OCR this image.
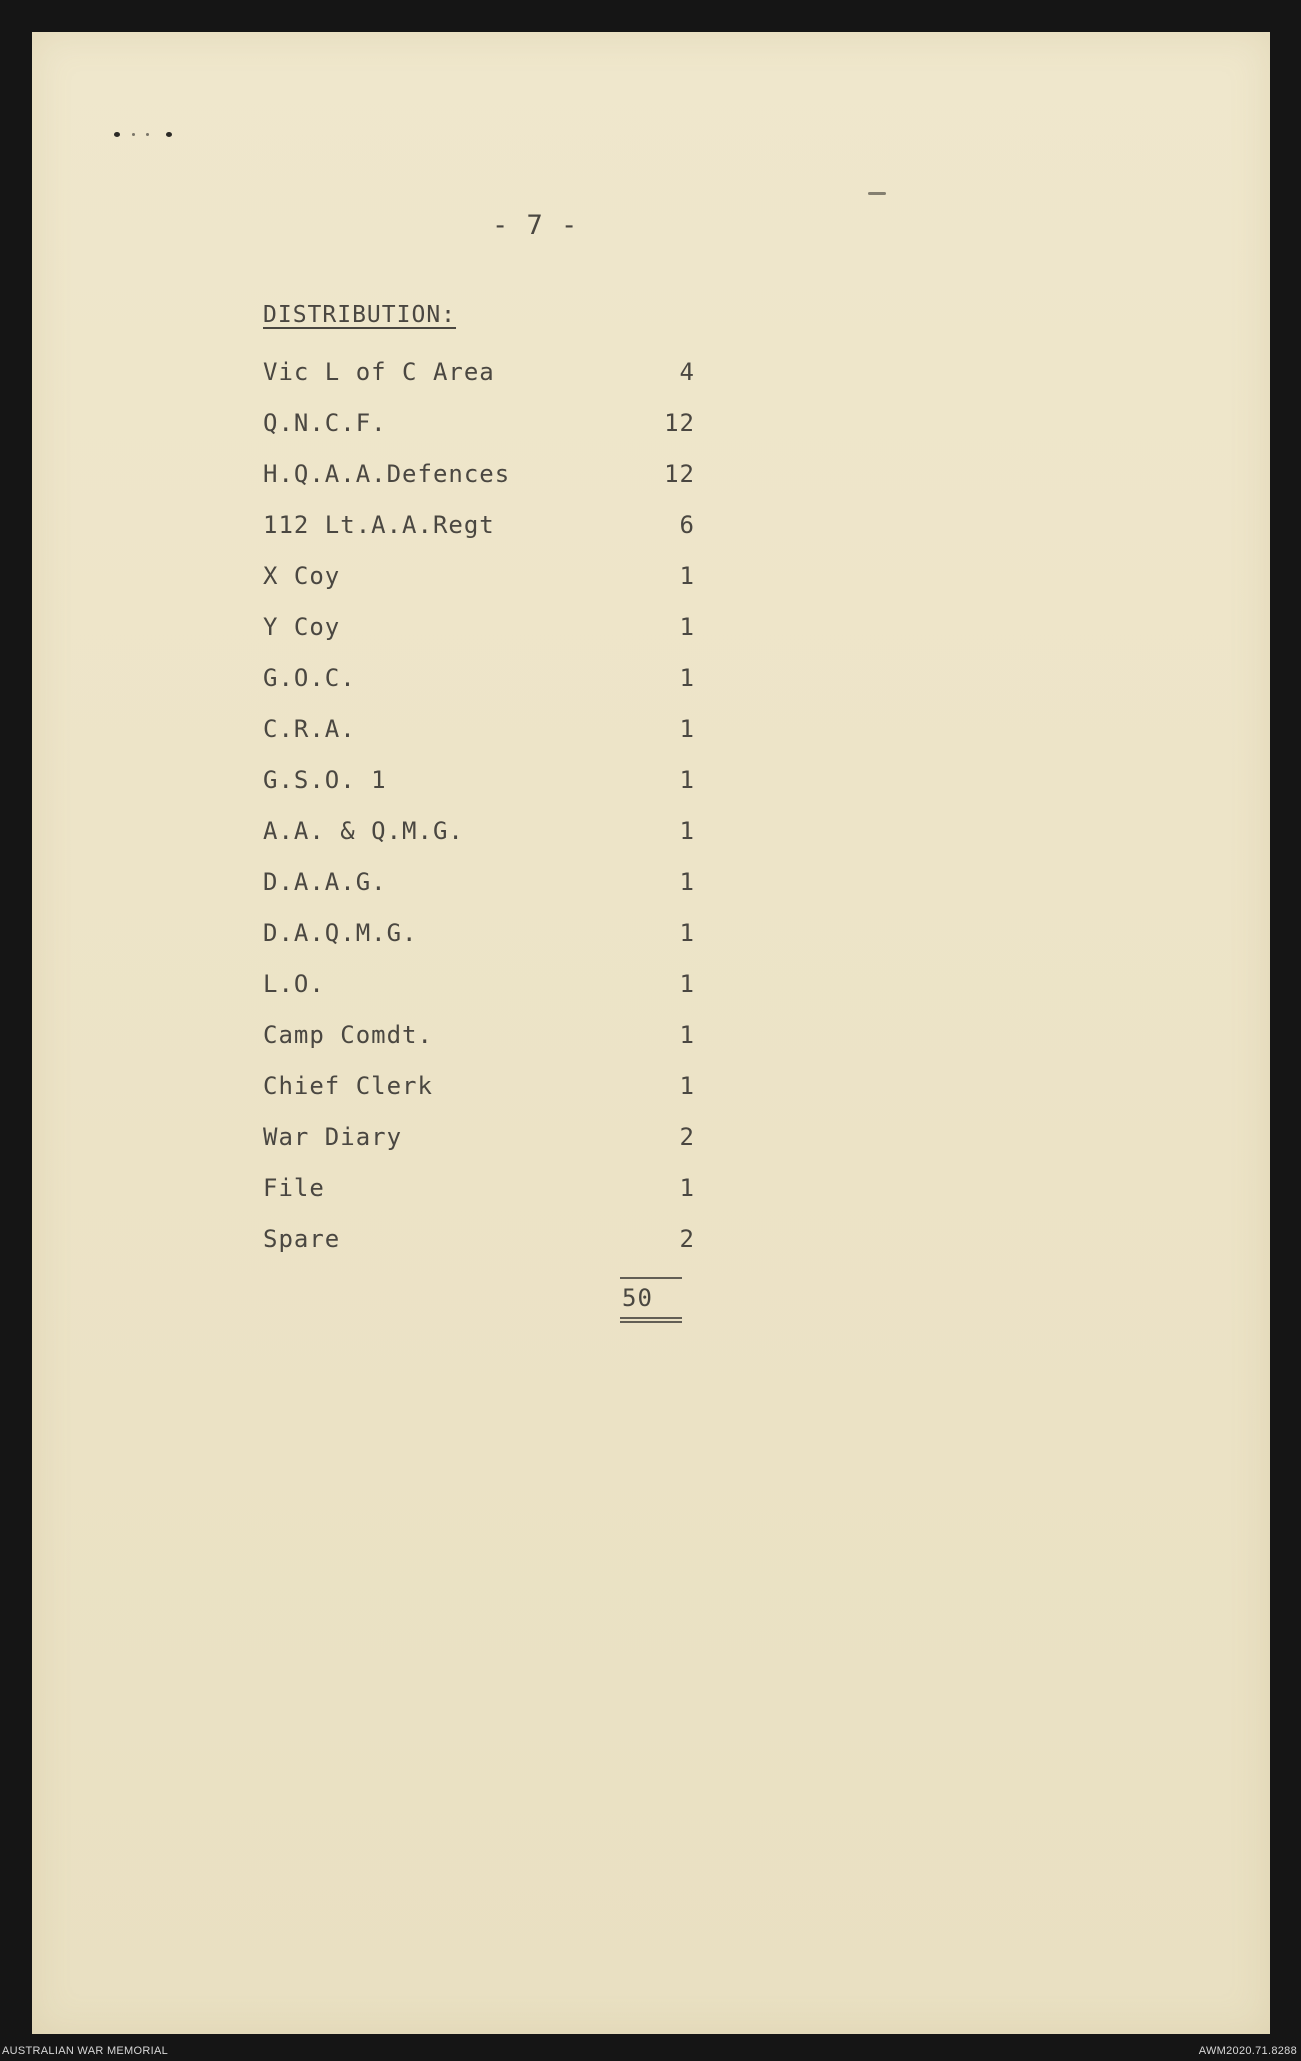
- 7 -
DISTRIBUTION:
Vic L of C Area	4
Q.N.C.F.	12
H.Q.A.A.Defences	12
112 Lt.A.A.Regt	6
X Coy	1
Y Coy	1
G.O.C.	1
C.R.A.	1
G.S.O. 1	1
A.A. & Q.M.G.	1
D.A.A.G.	1
D.A.Q.M.G.	1
L.O.	1
Camp Comdt.	1
Chief Clerk	1
War Diary	2
File	1
Spare	2
50
AUSTRALIAN WAR MEMORIAL	AWM2020.71.8288
